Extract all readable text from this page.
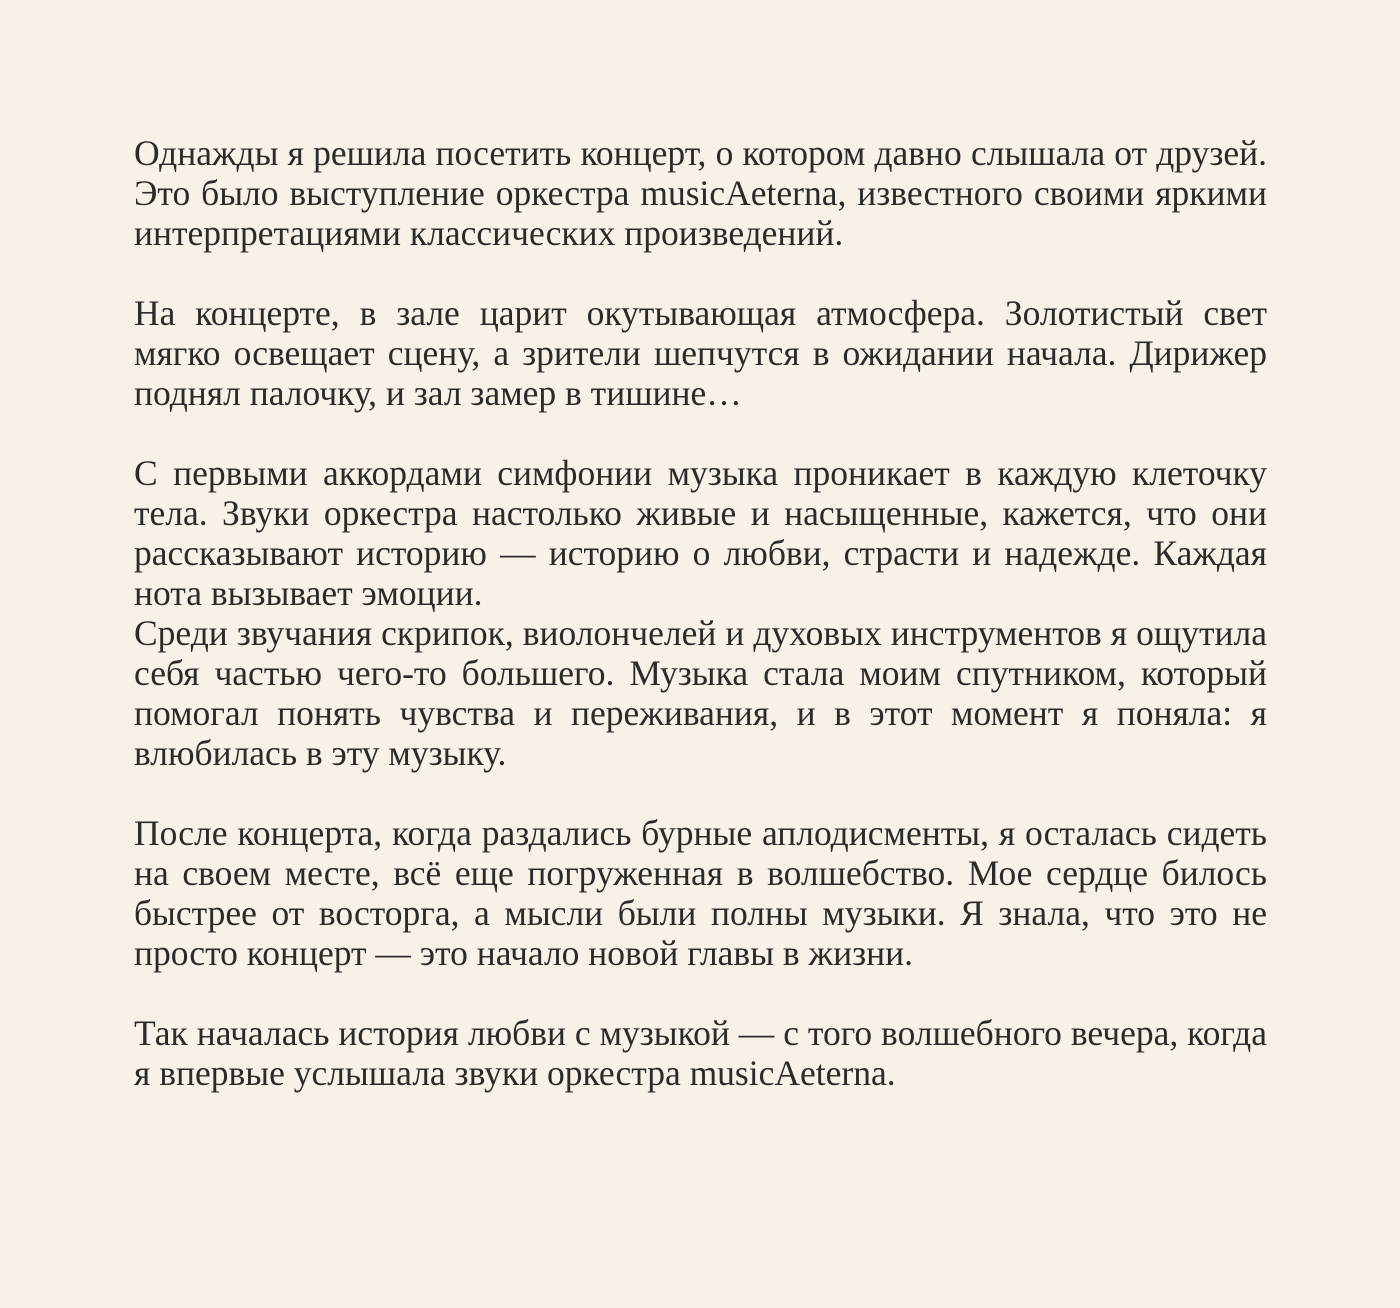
Однажды я решила посетить концерт, о котором давно слышала от друзей. Это было выступление оркестра musicAeterna, известного своими яркими интерпретациями классических произведений.

На концерте, в зале царит окутывающая атмосфера. Золотистый свет мягко освещает сцену, а зрители шепчутся в ожидании начала. Дирижер поднял палочку, и зал замер в тишине…

С первыми аккордами симфонии музыка проникает в каждую клеточку тела. Звуки оркестра настолько живые и насыщенные, кажется, что они рассказывают историю — историю о любви, страсти и надежде. Каждая нота вызывает эмоции.

Среди звучания скрипок, виолончелей и духовых инструментов я ощутила себя частью чего-то большего. Музыка стала моим спутником, который помогал понять чувства и переживания, и в этот момент я поняла: я влюбилась в эту музыку.

После концерта, когда раздались бурные аплодисменты, я осталась сидеть на своем месте, всё еще погруженная в волшебство. Мое сердце билось быстрее от восторга, а мысли были полны музыки. Я знала, что это не просто концерт — это начало новой главы в жизни.

Так началась история любви с музыкой — с того волшебного вечера, когда я впервые услышала звуки оркестра musicAeterna.
